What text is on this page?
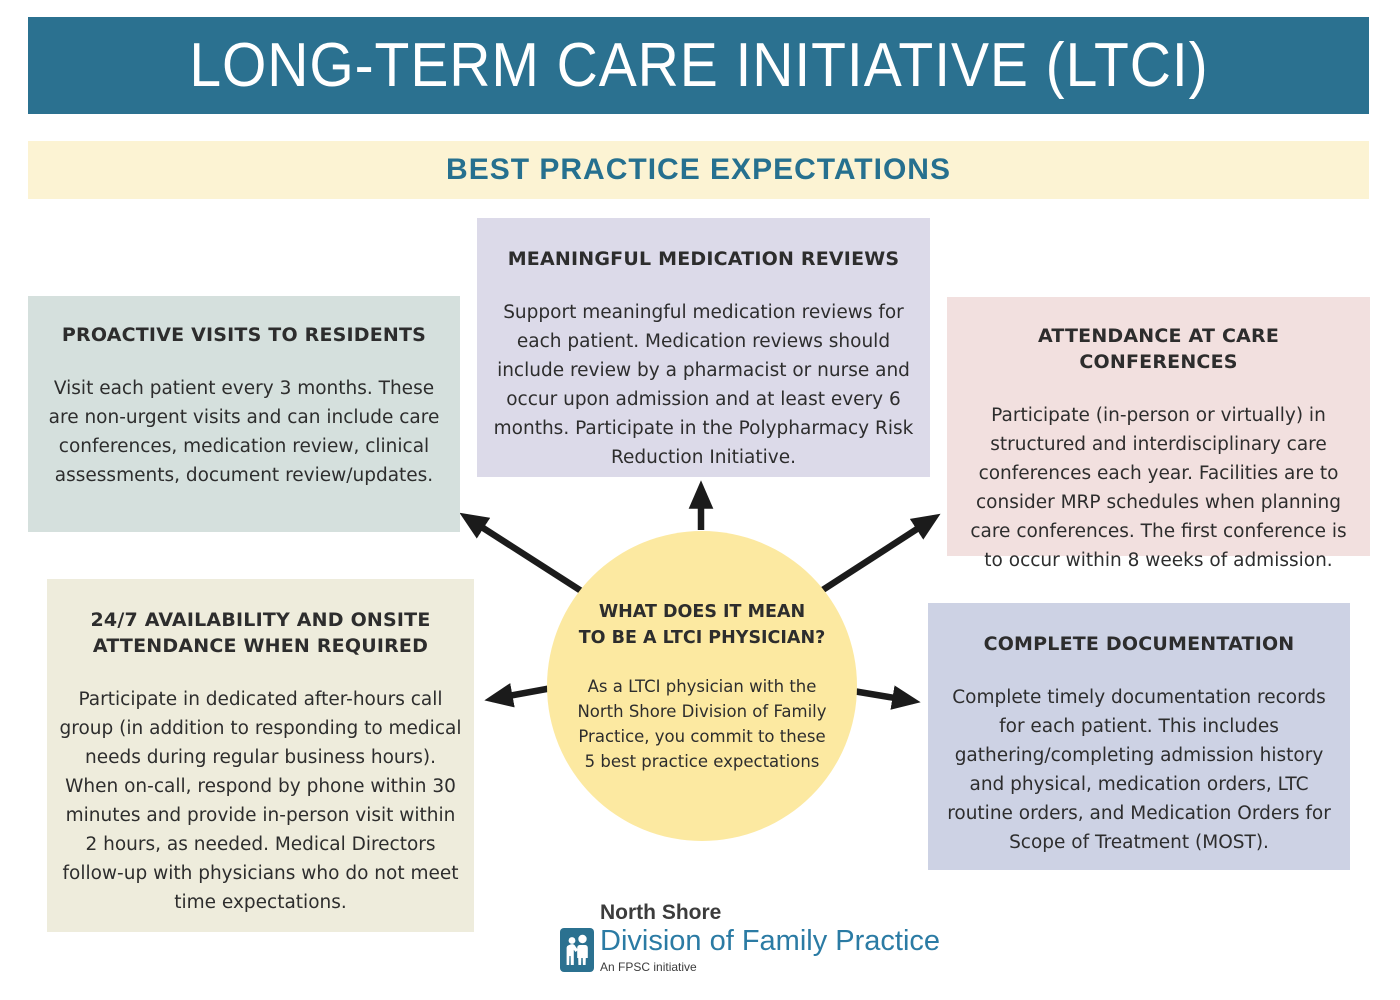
LONG-TERM CARE INITIATIVE (LTCI)
BEST PRACTICE EXPECTATIONS
MEANINGFUL MEDICATION REVIEWS
Support meaningful medication reviews for each patient. Medication reviews should include review by a pharmacist or nurse and occur upon admission and at least every 6 months. Participate in the Polypharmacy Risk Reduction Initiative.
PROACTIVE VISITS TO RESIDENTS
Visit each patient every 3 months. These are non-urgent visits and can include care conferences, medication review, clinical assessments, document review/updates.
ATTENDANCE AT CARE CONFERENCES
Participate (in-person or virtually) in structured and interdisciplinary care conferences each year. Facilities are to consider MRP schedules when planning care conferences. The first conference is to occur within 8 weeks of admission.
24/7 AVAILABILITY AND ONSITE ATTENDANCE WHEN REQUIRED
Participate in dedicated after-hours call group (in addition to responding to medical needs during regular business hours). When on-call, respond by phone within 30 minutes and provide in-person visit within 2 hours, as needed. Medical Directors follow-up with physicians who do not meet time expectations.
COMPLETE DOCUMENTATION
Complete timely documentation records for each patient. This includes gathering/completing admission history and physical, medication orders, LTC routine orders, and Medication Orders for Scope of Treatment (MOST).
WHAT DOES IT MEAN
TO BE A LTCI PHYSICIAN?
As a LTCI physician with the North Shore Division of Family Practice, you commit to these 5 best practice expectations
North Shore
Division of Family Practice
An FPSC initiative
